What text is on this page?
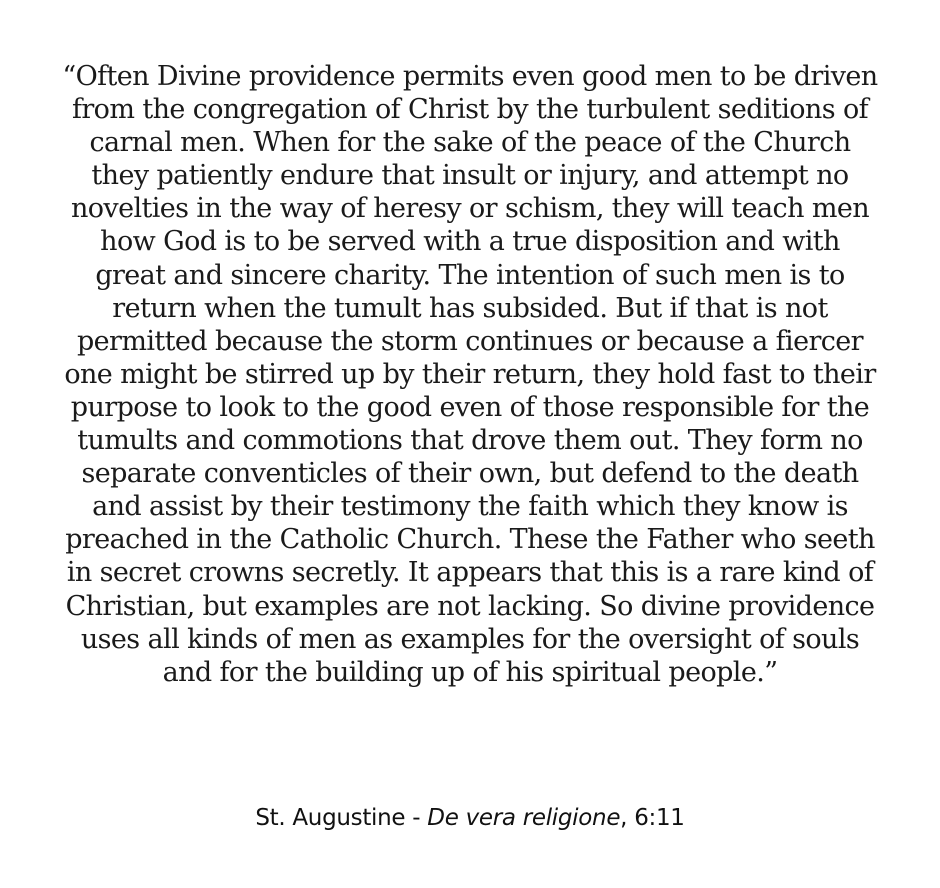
“Often Divine providence permits even good men to be driven
from the congregation of Christ by the turbulent seditions of
carnal men. When for the sake of the peace of the Church
they patiently endure that insult or injury, and attempt no
novelties in the way of heresy or schism, they will teach men
how God is to be served with a true disposition and with
great and sincere charity. The intention of such men is to
return when the tumult has subsided. But if that is not
permitted because the storm continues or because a fiercer
one might be stirred up by their return, they hold fast to their
purpose to look to the good even of those responsible for the
tumults and commotions that drove them out. They form no
separate conventicles of their own, but defend to the death
and assist by their testimony the faith which they know is
preached in the Catholic Church. These the Father who seeth
in secret crowns secretly. It appears that this is a rare kind of
Christian, but examples are not lacking. So divine providence
uses all kinds of men as examples for the oversight of souls
and for the building up of his spiritual people.”
St. Augustine - De vera religione, 6:11
